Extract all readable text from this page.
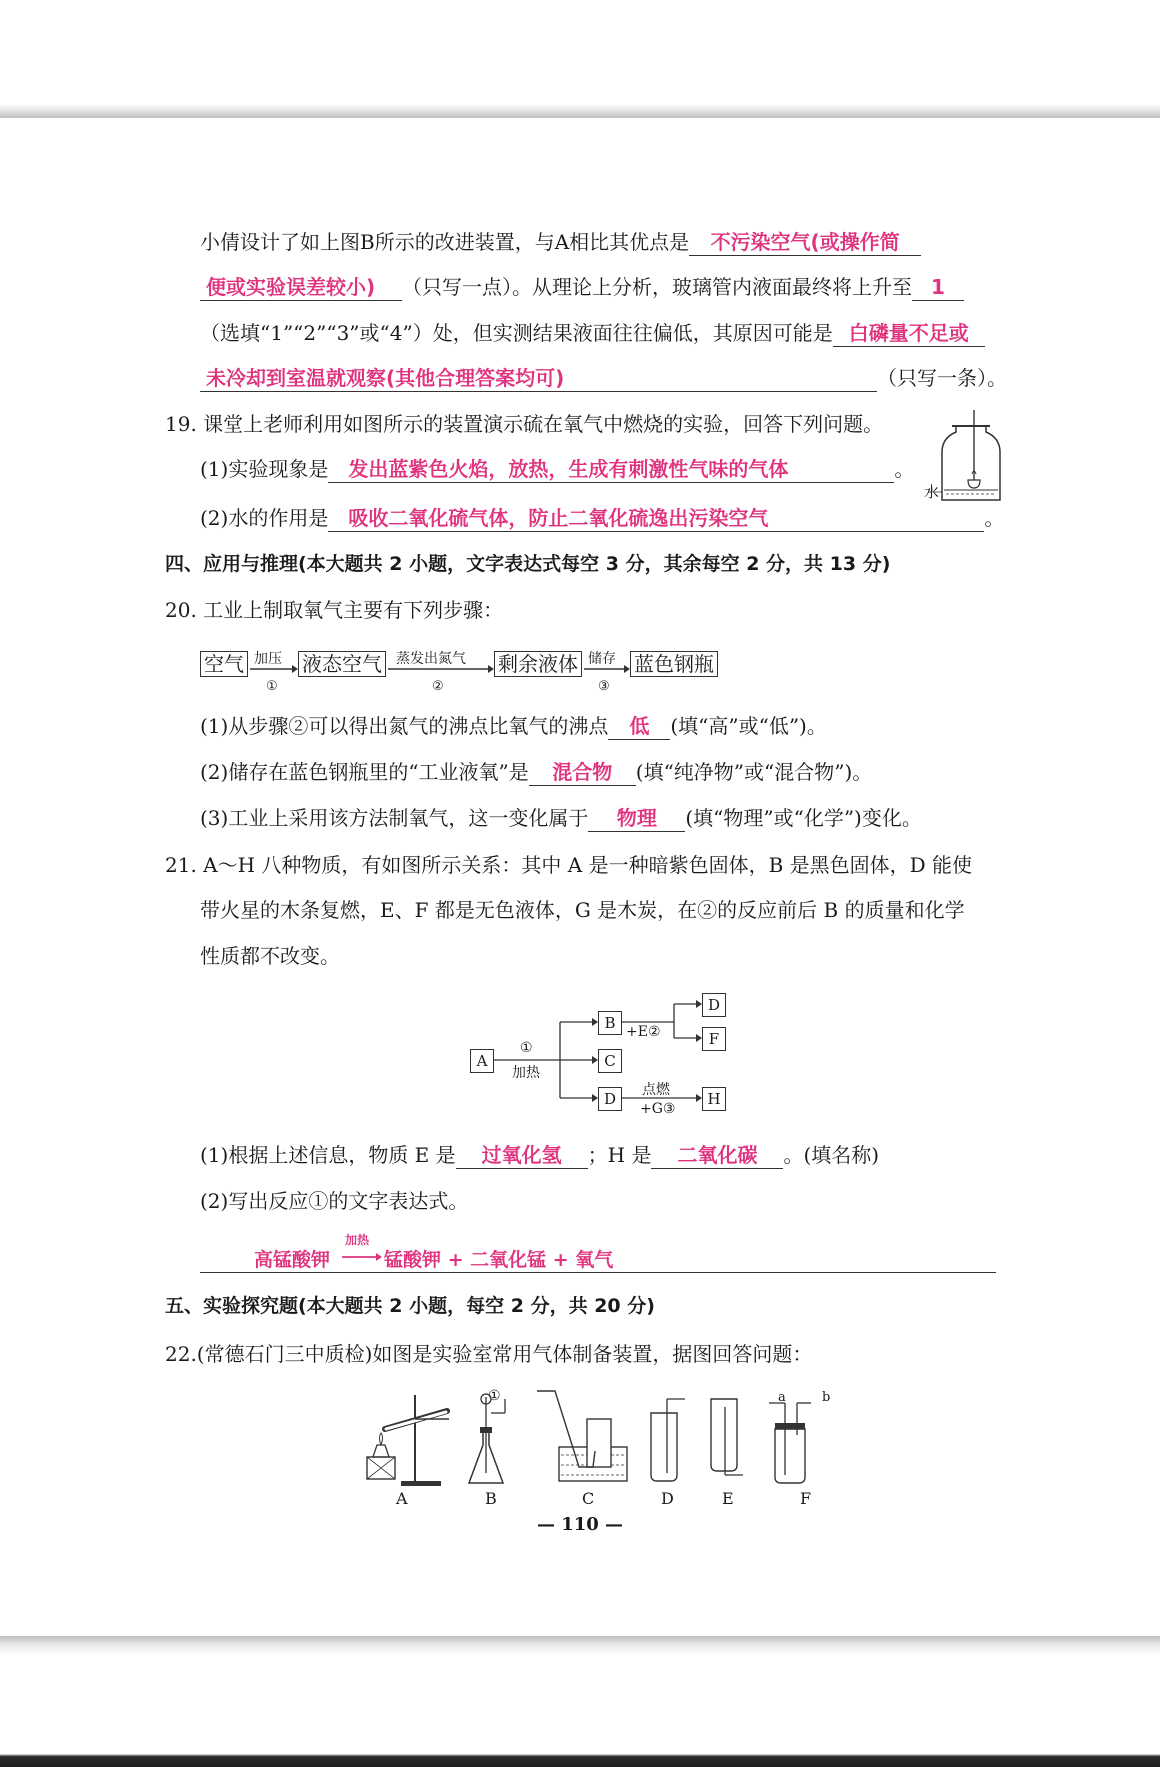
小倩设计了如上图B所示的改进装置，与A相比其优点是 不污染空气(或操作简
便或实验误差较小) （只写一点）。从理论上分析，玻璃管内液面最终将上升至 1
（选填“1”“2”“3”或“4”）处，但实测结果液面往往偏低，其原因可能是 白磷量不足或
未冷却到室温就观察(其他合理答案均可)	（只写一条）。
19. 课堂上老师利用如图所示的装置演示硫在氧气中燃烧的实验，回答下列问题。
(1)实验现象是 发出蓝紫色火焰，放热，生成有刺激性气味的气体	。
(2)水的作用是 吸收二氧化硫气体，防止二氧化硫逸出污染空气	。
水
四、应用与推理(本大题共 2 小题，文字表达式每空 3 分，其余每空 2 分，共 13 分)
20. 工业上制取氧气主要有下列步骤：
空气 加压
①
液态空气 蒸发出氮气
②
剩余液体 储存
③
蓝色钢瓶
(1)从步骤②可以得出氮气的沸点比氧气的沸点 低 (填“高”或“低”)。
(2)储存在蓝色钢瓶里的“工业液氧”是 混合物 (填“纯净物”或“混合物”)。
(3)工业上采用该方法制氧气，这一变化属于 物理 (填“物理”或“化学”)变化。
21. A～H 八种物质，有如图所示关系：其中 A 是一种暗紫色固体，B 是黑色固体，D 能使
带火星的木条复燃，E、F 都是无色液体，G 是木炭，在②的反应前后 B 的质量和化学
性质都不改变。
A
B
C
D
D
F
H
①
加热
+E②
点燃
+G③
(1)根据上述信息，物质 E 是 过氧化氢 ；H 是 二氧化碳 。(填名称)
(2)写出反应①的文字表达式。
高锰酸钾
加热
锰酸钾 + 二氧化锰 + 氧气
五、实验探究题(本大题共 2 小题，每空 2 分，共 20 分)
22.(常德石门三中质检)如图是实验室常用气体制备装置，据图回答问题：
①	a	b
A	B	C	D	E	F
— 110 —
